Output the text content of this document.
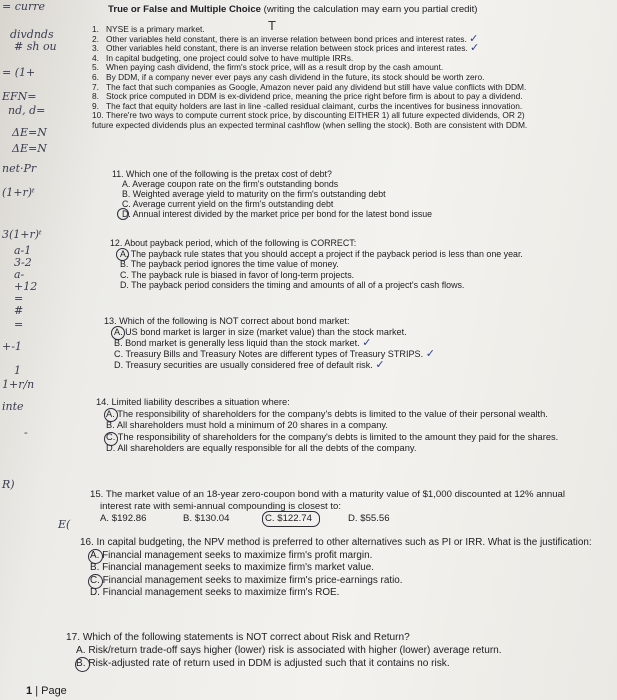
= curre
divdnds
# sh ou
= (1+
EFN=
nd, d=
ΔE=N
ΔE=N
net·Pr
(1+r)ᵗ
3(1+r)ᵗ
a-1
3-2
a-
+12
=
#
=
+-1
1
1+r/n
inte
-
R)
E(
True or False and Multiple Choice (writing the calculation may earn you partial credit)
T
1. NYSE is a primary market.
2. Other variables held constant, there is an inverse relation between bond prices and interest rates. ✓
3. Other variables held constant, there is an inverse relation between stock prices and interest rates. ✓
4. In capital budgeting, one project could solve to have multiple IRRs.
5. When paying cash dividend, the firm's stock price, will as a result drop by the cash amount.
6. By DDM, if a company never ever pays any cash dividend in the future, its stock should be worth zero.
7. The fact that such companies as Google, Amazon never paid any dividend but still have value conflicts with DDM.
8. Stock price computed in DDM is ex-dividend price, meaning the price right before firm is about to pay a dividend.
9. The fact that equity holders are last in line -called residual claimant, curbs the incentives for business innovation.
10. There're two ways to compute current stock price, by discounting EITHER 1) all future expected dividends, OR 2)
future expected dividends plus an expected terminal cashflow (when selling the stock). Both are consistent with DDM.
11. Which one of the following is the pretax cost of debt?
A. Average coupon rate on the firm's outstanding bonds
B. Weighted average yield to maturity on the firm's outstanding debt
C. Average current yield on the firm's outstanding debt
D. Annual interest divided by the market price per bond for the latest bond issue
12. About payback period, which of the following is CORRECT:
A. The payback rule states that you should accept a project if the payback period is less than one year.
B. The payback period ignores the time value of money.
C. The payback rule is biased in favor of long-term projects.
D. The payback period considers the timing and amounts of all of a project's cash flows.
13. Which of the following is NOT correct about bond market:
A. US bond market is larger in size (market value) than the stock market.
B. Bond market is generally less liquid than the stock market. ✓
C. Treasury Bills and Treasury Notes are different types of Treasury STRIPS. ✓
D. Treasury securities are usually considered free of default risk. ✓
14. Limited liability describes a situation where:
A. The responsibility of shareholders for the company's debts is limited to the value of their personal wealth.
B. All shareholders must hold a minimum of 20 shares in a company.
C. The responsibility of shareholders for the company's debts is limited to the amount they paid for the shares.
D. All shareholders are equally responsible for all the debts of the company.
15. The market value of an 18-year zero-coupon bond with a maturity value of $1,000 discounted at 12% annual
interest rate with semi-annual compounding is closest to:
A. $192.86	B. $130.04	C. $122.74	D. $55.56
16. In capital budgeting, the NPV method is preferred to other alternatives such as PI or IRR. What is the justification:
A. Financial management seeks to maximize firm's profit margin.
B. Financial management seeks to maximize firm's market value.
C. Financial management seeks to maximize firm's price-earnings ratio.
D. Financial management seeks to maximize firm's ROE.
17. Which of the following statements is NOT correct about Risk and Return?
A. Risk/return trade-off says higher (lower) risk is associated with higher (lower) average return.
B. Risk-adjusted rate of return used in DDM is adjusted such that it contains no risk.
1 | Page
